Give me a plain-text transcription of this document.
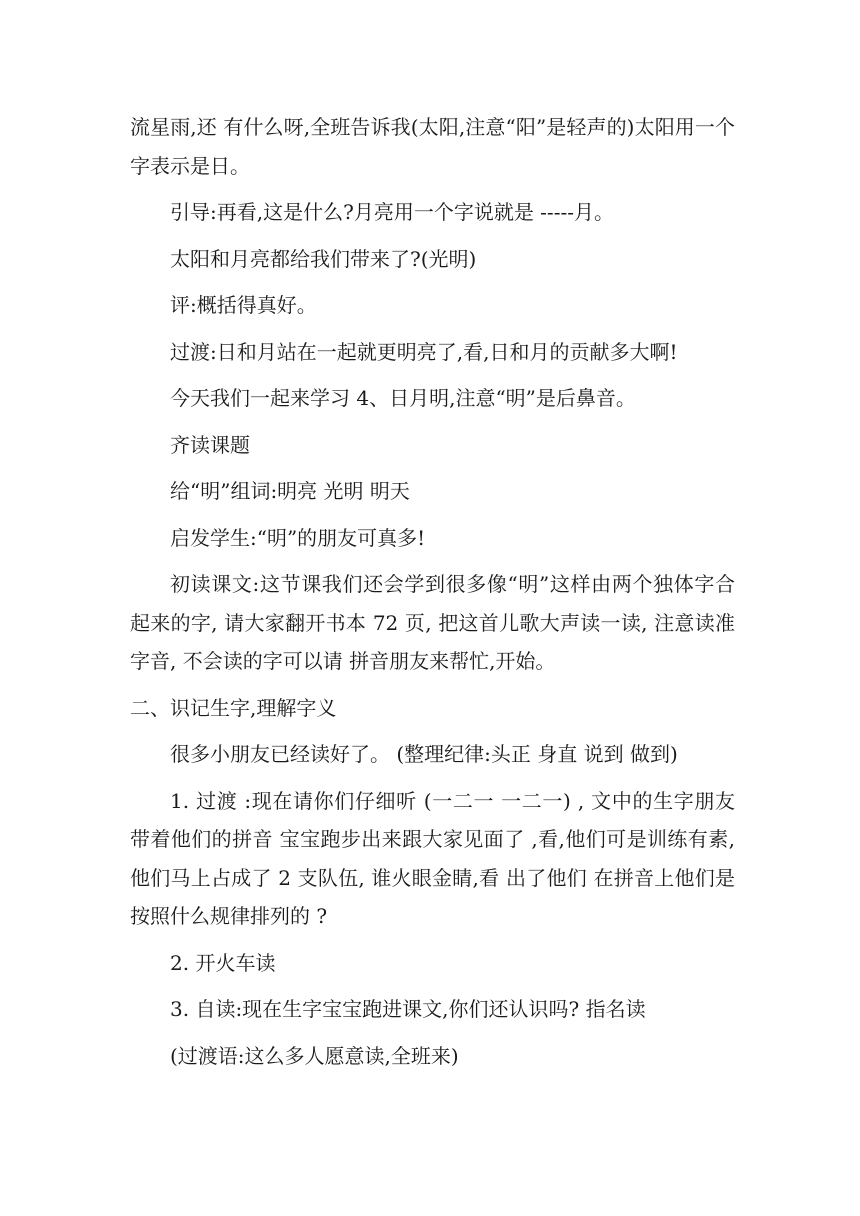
流星雨,还 有什么呀,全班告诉我(太阳,注意“阳”是轻声的)太阳用一个字表示是日。

引导:再看,这是什么?月亮用一个字说就是 -----月。

太阳和月亮都给我们带来了?(光明)

评:概括得真好。

过渡:日和月站在一起就更明亮了,看,日和月的贡献多大啊!

今天我们一起来学习 4、日月明,注意“明”是后鼻音。

齐读课题

给“明”组词:明亮 光明 明天

启发学生:“明”的朋友可真多!

初读课文:这节课我们还会学到很多像“明”这样由两个独体字合起来的字, 请大家翻开书本 72 页, 把这首儿歌大声读一读, 注意读准字音, 不会读的字可以请 拼音朋友来帮忙,开始。

二、识记生字,理解字义

很多小朋友已经读好了。 (整理纪律:头正 身直 说到 做到)

1. 过渡 :现在请你们仔细听 (一二一 一二一) , 文中的生字朋友带着他们的拼音 宝宝跑步出来跟大家见面了 ,看,他们可是训练有素,他们马上占成了 2 支队伍, 谁火眼金睛,看 出了他们 在拼音上他们是按照什么规律排列的 ?

2. 开火车读

3. 自读:现在生字宝宝跑进课文,你们还认识吗? 指名读

(过渡语:这么多人愿意读,全班来)
